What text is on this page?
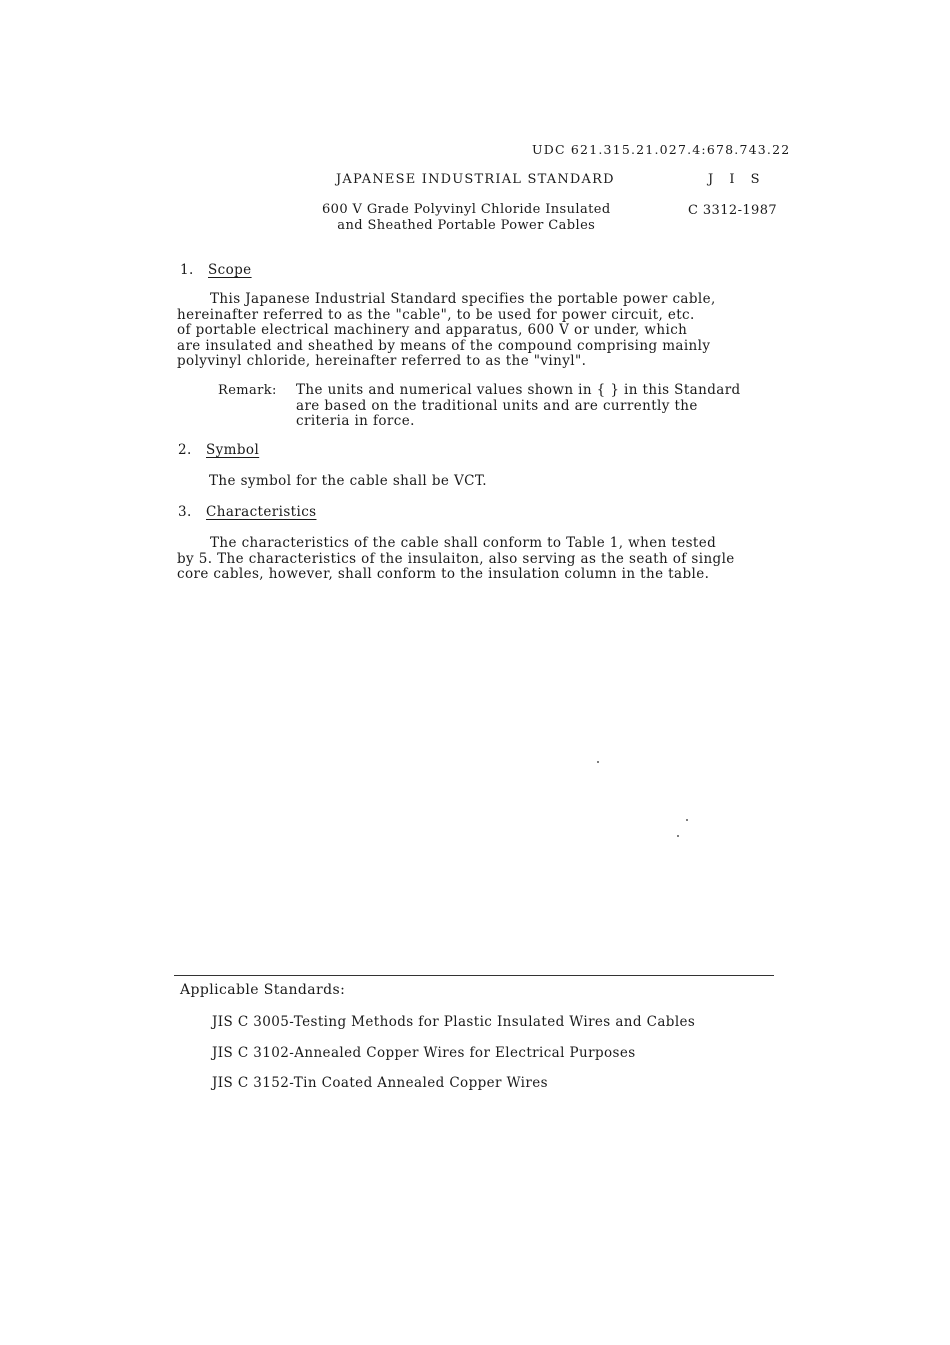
UDC 621.315.21.027.4:678.743.22
JAPANESE INDUSTRIAL STANDARD	J I S
600 V Grade Polyvinyl Chloride Insulated
and Sheathed Portable Power Cables
C 3312-1987
1. Scope
This Japanese Industrial Standard specifies the portable power cable,
hereinafter referred to as the "cable", to be used for power circuit, etc.
of portable electrical machinery and apparatus, 600 V or under, which
are insulated and sheathed by means of the compound comprising mainly
polyvinyl chloride, hereinafter referred to as the "vinyl".
Remark: The units and numerical values shown in { } in this Standard
are based on the traditional units and are currently the
criteria in force.
2. Symbol
The symbol for the cable shall be VCT.
3. Characteristics
The characteristics of the cable shall conform to Table 1, when tested
by 5. The characteristics of the insulaiton, also serving as the seath of single
core cables, however, shall conform to the insulation column in the table.
Applicable Standards:
JIS C 3005-Testing Methods for Plastic Insulated Wires and Cables
JIS C 3102-Annealed Copper Wires for Electrical Purposes
JIS C 3152-Tin Coated Annealed Copper Wires
